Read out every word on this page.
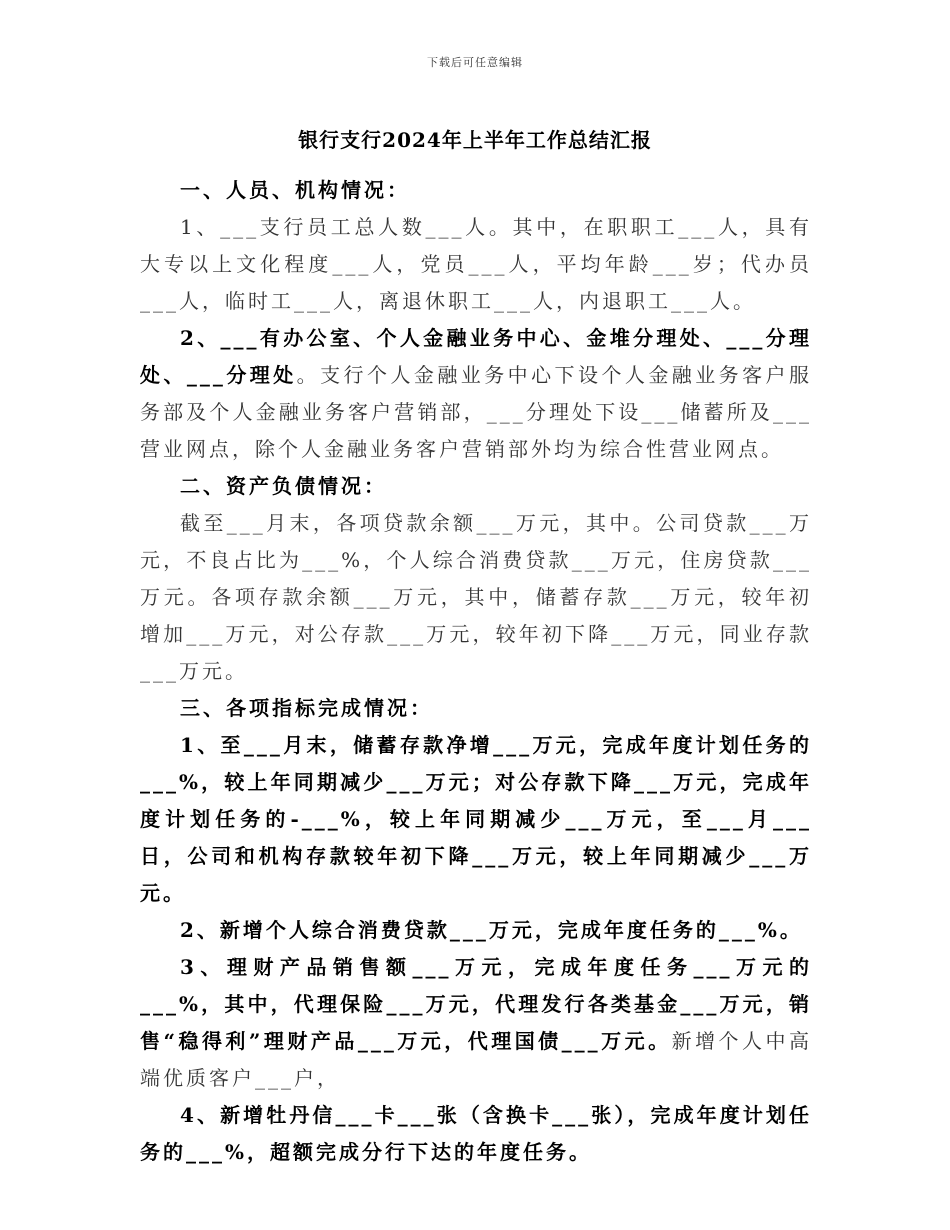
下载后可任意编辑
银行支行2024年上半年工作总结汇报

一、人员、机构情况：

1、___支行员工总人数___人。其中，在职职工___人，具有大专以上文化程度___人，党员___人，平均年龄___岁；代办员___人，临时工___人，离退休职工___人，内退职工___人。

2、___有办公室、个人金融业务中心、金堆分理处、___分理处、___分理处。支行个人金融业务中心下设个人金融业务客户服务部及个人金融业务客户营销部，___分理处下设___储蓄所及___营业网点，除个人金融业务客户营销部外均为综合性营业网点。

二、资产负债情况：

截至___月末，各项贷款余额___万元，其中。公司贷款___万元，不良占比为___%，个人综合消费贷款___万元，住房贷款___万元。各项存款余额___万元，其中，储蓄存款___万元，较年初增加___万元，对公存款___万元，较年初下降___万元，同业存款___万元。

三、各项指标完成情况：

1、至___月末，储蓄存款净增___万元，完成年度计划任务的___%，较上年同期减少___万元；对公存款下降___万元，完成年度计划任务的-___%，较上年同期减少___万元，至___月___日，公司和机构存款较年初下降___万元，较上年同期减少___万元。

2、新增个人综合消费贷款___万元，完成年度任务的___%。

3、理财产品销售额___万元，完成年度任务___万元的___%，其中，代理保险___万元，代理发行各类基金___万元，销售“稳得利”理财产品___万元，代理国债___万元。新增个人中高端优质客户___户，

4、新增牡丹信___卡___张（含换卡___张），完成年度计划任务的___%，超额完成分行下达的年度任务。
